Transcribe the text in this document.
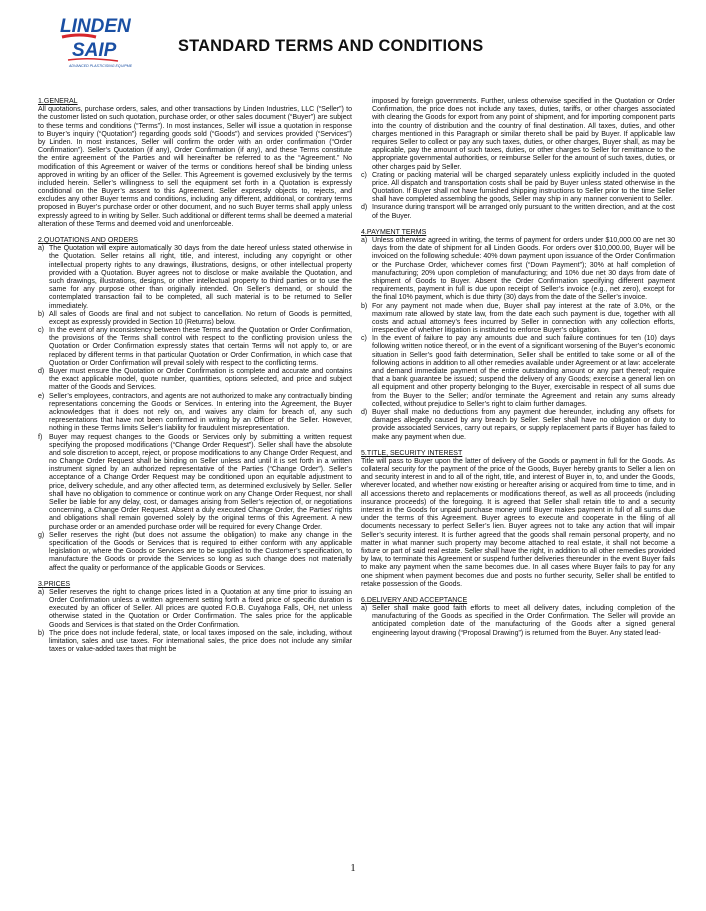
LINDEN
SAIP
ADVANCED PLASTICISING EQUIPMENT
STANDARD TERMS AND CONDITIONS
1.GENERAL

All quotations, purchase orders, sales, and other transactions by Linden Industries, LLC (“Seller”) to the customer listed on such quotation, purchase order, or other sales document (“Buyer”) are subject to these terms and conditions (“Terms”). In most instances, Seller will issue a quotation in response to Buyer’s inquiry (“Quotation”) regarding goods sold (“Goods”) and services provided (“Services”) by Linden. In most instances, Seller will confirm the order with an order confirmation (“Order Confirmation”). Seller’s Quotation (if any), Order Confirmation (if any), and these Terms constitute the entire agreement of the Parties and will hereinafter be referred to as the “Agreement.” No modification of this Agreement or waiver of the terms or conditions hereof shall be binding unless approved in writing by an officer of the Seller. This Agreement is governed exclusively by the terms included herein. Seller’s willingness to sell the equipment set forth in a Quotation is expressly conditional on the Buyer’s assent to this Agreement. Seller expressly objects to, rejects, and excludes any other Buyer terms and conditions, including any different, additional, or contrary terms proposed in Buyer’s purchase order or other document, and no such Buyer terms shall apply unless expressly agreed to in writing by Seller. Such additional or different terms shall be deemed a material alteration of these Terms and deemed void and unenforceable.

2.QUOTATIONS AND ORDERS
a) The Quotation will expire automatically 30 days from the date hereof unless stated otherwise in the Quotation. Seller retains all right, title, and interest, including any copyright or other intellectual property rights to any drawings, illustrations, designs, or other intellectual property provided with a Quotation. Buyer agrees not to disclose or make available the Quotation, and such drawings, illustrations, designs, or other intellectual property to third parties or to use the same for any purpose other than originally intended. On Seller’s demand, or should the contemplated transaction fail to be completed, all such material is to be returned to Seller immediately.
b) All sales of Goods are final and not subject to cancellation. No return of Goods is permitted, except as expressly provided in Section 10 (Returns) below.
c) In the event of any inconsistency between these Terms and the Quotation or Order Confirmation, the provisions of the Terms shall control with respect to the conflicting provision unless the Quotation or Order Confirmation expressly states that certain Terms will not apply to, or are replaced by different terms in that particular Quotation or Order Confirmation, in which case that Quotation or Order Confirmation will prevail solely with respect to the conflicting terms.
d) Buyer must ensure the Quotation or Order Confirmation is complete and accurate and contains the exact applicable model, quote number, quantities, options selected, and price and subject matter of the Goods and Services.
e) Seller’s employees, contractors, and agents are not authorized to make any contractually binding representations concerning the Goods or Services. In entering into the Agreement, the Buyer acknowledges that it does not rely on, and waives any claim for breach of, any such representations that have not been confirmed in writing by an Officer of the Seller. However, nothing in these Terms limits Seller’s liability for fraudulent misrepresentation.
f) Buyer may request changes to the Goods or Services only by submitting a written request specifying the proposed modifications (“Change Order Request”). Seller shall have the absolute and sole discretion to accept, reject, or propose modifications to any Change Order Request, and no Change Order Request shall be binding on Seller unless and until it is set forth in a written instrument signed by an authorized representative of the Parties (“Change Order”). Seller’s acceptance of a Change Order Request may be conditioned upon an equitable adjustment to price, delivery schedule, and any other affected term, as determined exclusively by Seller. Seller shall have no obligation to commence or continue work on any Change Order Request, nor shall Seller be liable for any delay, cost, or damages arising from Seller’s rejection of, or negotiations concerning, a Change Order Request. Absent a duly executed Change Order, the Parties’ rights and obligations shall remain governed solely by the original terms of this Agreement. A new purchase order or an amended purchase order will be required for every Change Order.
g) Seller reserves the right (but does not assume the obligation) to make any change in the specification of the Goods or Services that is required to either conform with any applicable legislation or, where the Goods or Services are to be supplied to the Customer’s specification, to manufacture the Goods or provide the Services so long as such change does not materially affect the quality or performance of the applicable Goods or Services.
3.PRICES
a) Seller reserves the right to change prices listed in a Quotation at any time prior to issuing an Order Confirmation unless a written agreement setting forth a fixed price of specific duration is executed by an officer of Seller. All prices are quoted F.O.B. Cuyahoga Falls, OH, net unless otherwise stated in the Quotation or Order Confirmation. The sales price for the applicable Goods and Services is that stated on the Order Confirmation.
b) The price does not include federal, state, or local taxes imposed on the sale, including, without limitation, sales and use taxes. For international sales, the price does not include any similar taxes or value-added taxes that might be

imposed by foreign governments. Further, unless otherwise specified in the Quotation or Order Confirmation, the price does not include any taxes, duties, tariffs, or other charges associated with clearing the Goods for export from any point of shipment, and for importing component parts into the country of distribution and the country of final destination. All taxes, duties, and other charges mentioned in this Paragraph or similar thereto shall be paid by Buyer. If applicable law requires Seller to collect or pay any such taxes, duties, or other charges, Buyer shall, as may be applicable, pay the amount of such taxes, duties, or other charges to Seller for remittance to the appropriate governmental authorities, or reimburse Seller for the amount of such taxes, duties, or other charges paid by Seller.

c) Crating or packing material will be charged separately unless explicitly included in the quoted price. All dispatch and transportation costs shall be paid by Buyer unless stated otherwise in the Quotation. If Buyer shall not have furnished shipping instructions to Seller prior to the time Seller shall have completed assembling the goods, Seller may ship in any manner convenient to Seller.
d) Insurance during transport will be arranged only pursuant to the written direction, and at the cost of the Buyer.
4.PAYMENT TERMS
a) Unless otherwise agreed in writing, the terms of payment for orders under $10,000.00 are net 30 days from the date of shipment for all Linden Goods. For orders over $10,000.00, Buyer will be invoiced on the following schedule: 40% down payment upon issuance of the Order Confirmation or the Purchase Order, whichever comes first (“Down Payment”); 30% at half completion of manufacturing; 20% upon completion of manufacturing; and 10% due net 30 days from date of shipment of Goods to Buyer. Absent the Order Confirmation specifying different payment requirements, payment in full is due upon receipt of Seller’s invoice (e.g., net zero), except for the final 10% payment, which is due thirty (30) days from the date of the Seller’s invoice.
b) For any payment not made when due, Buyer shall pay interest at the rate of 3.0%, or the maximum rate allowed by state law, from the date each such payment is due, together with all costs and actual attorney’s fees incurred by Seller in connection with any collection efforts, irrespective of whether litigation is instituted to enforce Buyer’s obligation.
c) In the event of failure to pay any amounts due and such failure continues for ten (10) days following written notice thereof, or in the event of a significant worsening of the Buyer’s economic situation in Seller’s good faith determination, Seller shall be entitled to take some or all of the following actions in addition to all other remedies available under Agreement or at law: accelerate and demand immediate payment of the entire outstanding amount or any part thereof; require that a bank guarantee be issued; suspend the delivery of any Goods; exercise a general lien on all equipment and other property belonging to the Buyer, exercisable in respect of all sums due from the Buyer to the Seller; and/or terminate the Agreement and retain any sums already collected, without prejudice to Seller’s right to claim further damages.
d) Buyer shall make no deductions from any payment due hereunder, including any offsets for damages allegedly caused by any breach by Seller. Seller shall have no obligation or duty to provide associated Services, carry out repairs, or supply replacement parts if Buyer has failed to make any payment when due.
5.TITLE, SECURITY INTEREST

Title will pass to Buyer upon the latter of delivery of the Goods or payment in full for the Goods. As collateral security for the payment of the price of the Goods, Buyer hereby grants to Seller a lien on and security interest in and to all of the right, title, and interest of Buyer in, to, and under the Goods, wherever located, and whether now existing or hereafter arising or acquired from time to time, and in all accessions thereto and replacements or modifications thereof, as well as all proceeds (including insurance proceeds) of the foregoing. It is agreed that Seller shall retain title to and a security interest in the Goods for unpaid purchase money until Buyer makes payment in full of all sums due under the terms of this Agreement. Buyer agrees to execute and cooperate in the filing of all documents necessary to perfect Seller’s lien. Buyer agrees not to take any action that will impair Seller’s security interest. It is further agreed that the goods shall remain personal property, and no matter in what manner such property may become attached to real estate, it shall not become a fixture or part of said real estate. Seller shall have the right, in addition to all other remedies provided by law, to terminate this Agreement or suspend further deliveries thereunder in the event Buyer fails to make any payment when the same becomes due. In all cases where Buyer fails to pay for any one shipment when payment becomes due and posts no further security, Seller shall be entitled to retake possession of the Goods.

6.DELIVERY AND ACCEPTANCE
a) Seller shall make good faith efforts to meet all delivery dates, including completion of the manufacturing of the Goods as specified in the Order Confirmation. The Seller will provide an anticipated completion date of the manufacturing of the Goods after a signed general engineering layout drawing (“Proposal Drawing”) is returned from the Buyer. Any stated lead-
1
